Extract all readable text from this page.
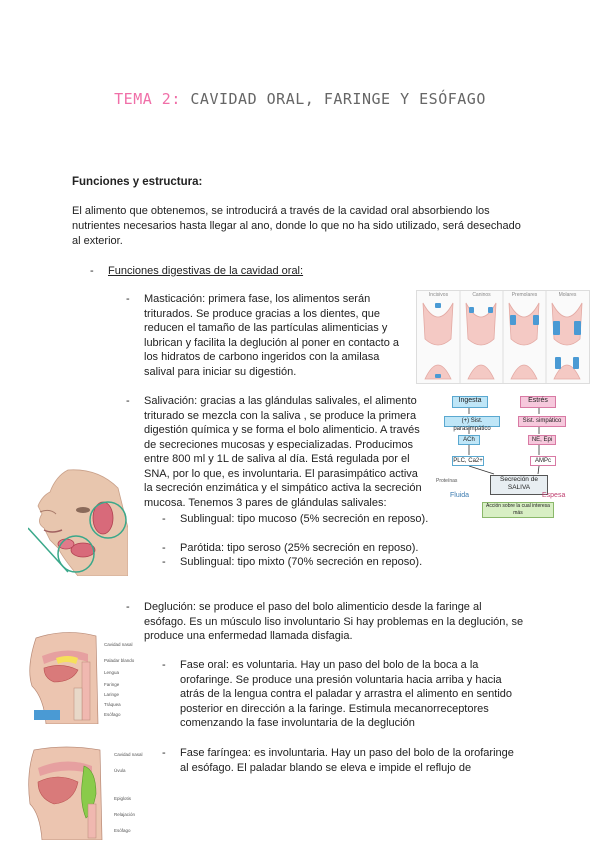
TEMA 2: CAVIDAD ORAL, FARINGE Y ESÓFAGO
Funciones y estructura:
El alimento que obtenemos, se introducirá a través de la cavidad oral absorbiendo los nutrientes necesarios hasta llegar al ano, donde lo que no ha sido utilizado, será desechado al exterior.
- Funciones digestivas de la cavidad oral:
- Masticación: primera fase, los alimentos serán triturados. Se produce gracias a los dientes, que reducen el tamaño de las partículas alimenticias y lubrican y facilita la deglución al poner en contacto a los hidratos de carbono ingeridos con la amilasa salival para iniciar su digestión.
Incisivos	Caninos	Premolares	Molares
- Salivación: gracias a las glándulas salivales, el alimento triturado se mezcla con la saliva , se produce la primera digestión química y se forma el bolo alimenticio. A través de secreciones mucosas y especializadas. Producimos entre 800 ml y 1L de saliva al día. Está regulada por el SNA, por lo que, es involuntaria. El parasimpático activa la secreción enzimática y el simpático activa la secreción mucosa. Tenemos 3 pares de glándulas salivales:
- Sublingual: tipo mucoso (5% secreción en reposo).
- Parótida: tipo seroso (25% secreción en reposo).
- Sublingual: tipo mixto (70% secreción en reposo).
Ingesta	Estrés
(+) Sist. parasimpático
Sist. simpático
ACh	NE, Epi
PLC, Ca2+	AMPc
Secreción de SALIVA
Proteínas
Fluida	Espesa
Acción sobre la cual interesa más
- Deglución: se produce el paso del bolo alimenticio desde la faringe al esófago. Es un músculo liso involuntario Si hay problemas en la deglución, se produce una enfermedad llamada disfagia.
Cavidad nasal
Paladar blando
Lengua
Faringe
Laringe
Tráquea
Esófago
- Fase oral: es voluntaria. Hay un paso del bolo de la boca a la orofaringe. Se produce una presión voluntaria hacia arriba y hacia atrás de la lengua contra el paladar y arrastra el alimento en sentido posterior en dirección a la faringe. Estimula mecanorreceptores comenzando la fase involuntaria de la deglución
Cavidad nasal
Úvula
Epiglotis
Relajación
Esófago
- Fase faríngea: es involuntaria. Hay un paso del bolo de la orofaringe al esófago. El paladar blando se eleva e impide el reflujo de
